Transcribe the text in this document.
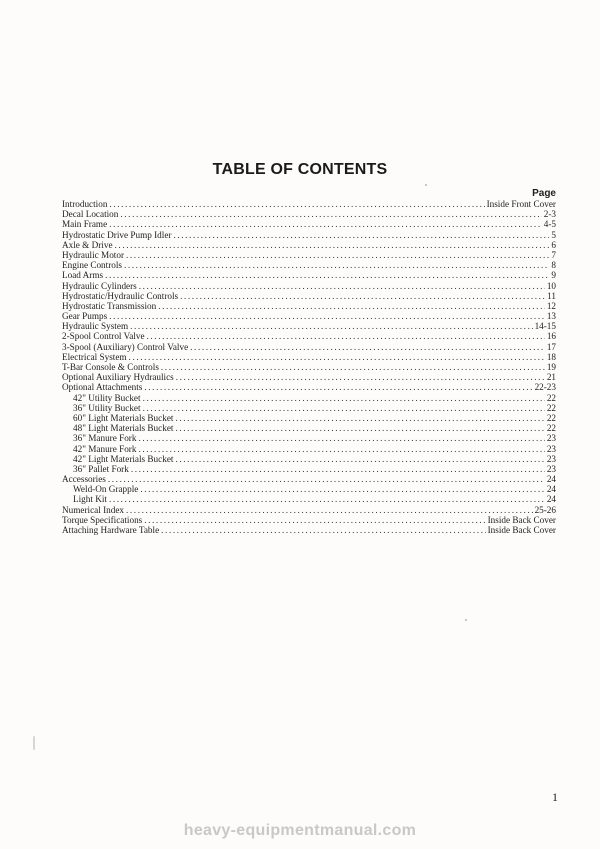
TABLE OF CONTENTS
Page
Introduction .....	Inside Front Cover
Decal Location .....	2-3
Main Frame .....	4-5
Hydrostatic Drive Pump Idler .....	5
Axle & Drive .....	6
Hydraulic Motor .....	7
Engine Controls .....	8
Load Arms .....	9
Hydraulic Cylinders .....	10
Hydrostatic/Hydraulic Controls .....	11
Hydrostatic Transmission .....	12
Gear Pumps .....	13
Hydraulic System .....	14-15
2-Spool Control Valve .....	16
3-Spool (Auxiliary) Control Valve .....	17
Electrical System .....	18
T-Bar Console & Controls .....	19
Optional Auxiliary Hydraulics .....	21
Optional Attachments .....	22-23
42" Utility Bucket .....	22
36" Utility Bucket .....	22
60" Light Materials Bucket .....	22
48" Light Materials Bucket .....	22
36" Manure Fork .....	23
42" Manure Fork .....	23
42" Light Materials Bucket .....	23
36" Pallet Fork .....	23
Accessories .....	24
Weld-On Grapple .....	24
Light Kit .....	24
Numerical Index .....	25-26
Torque Specifications .....	Inside Back Cover
Attaching Hardware Table .....	Inside Back Cover
1
heavy-equipmentmanual.com
